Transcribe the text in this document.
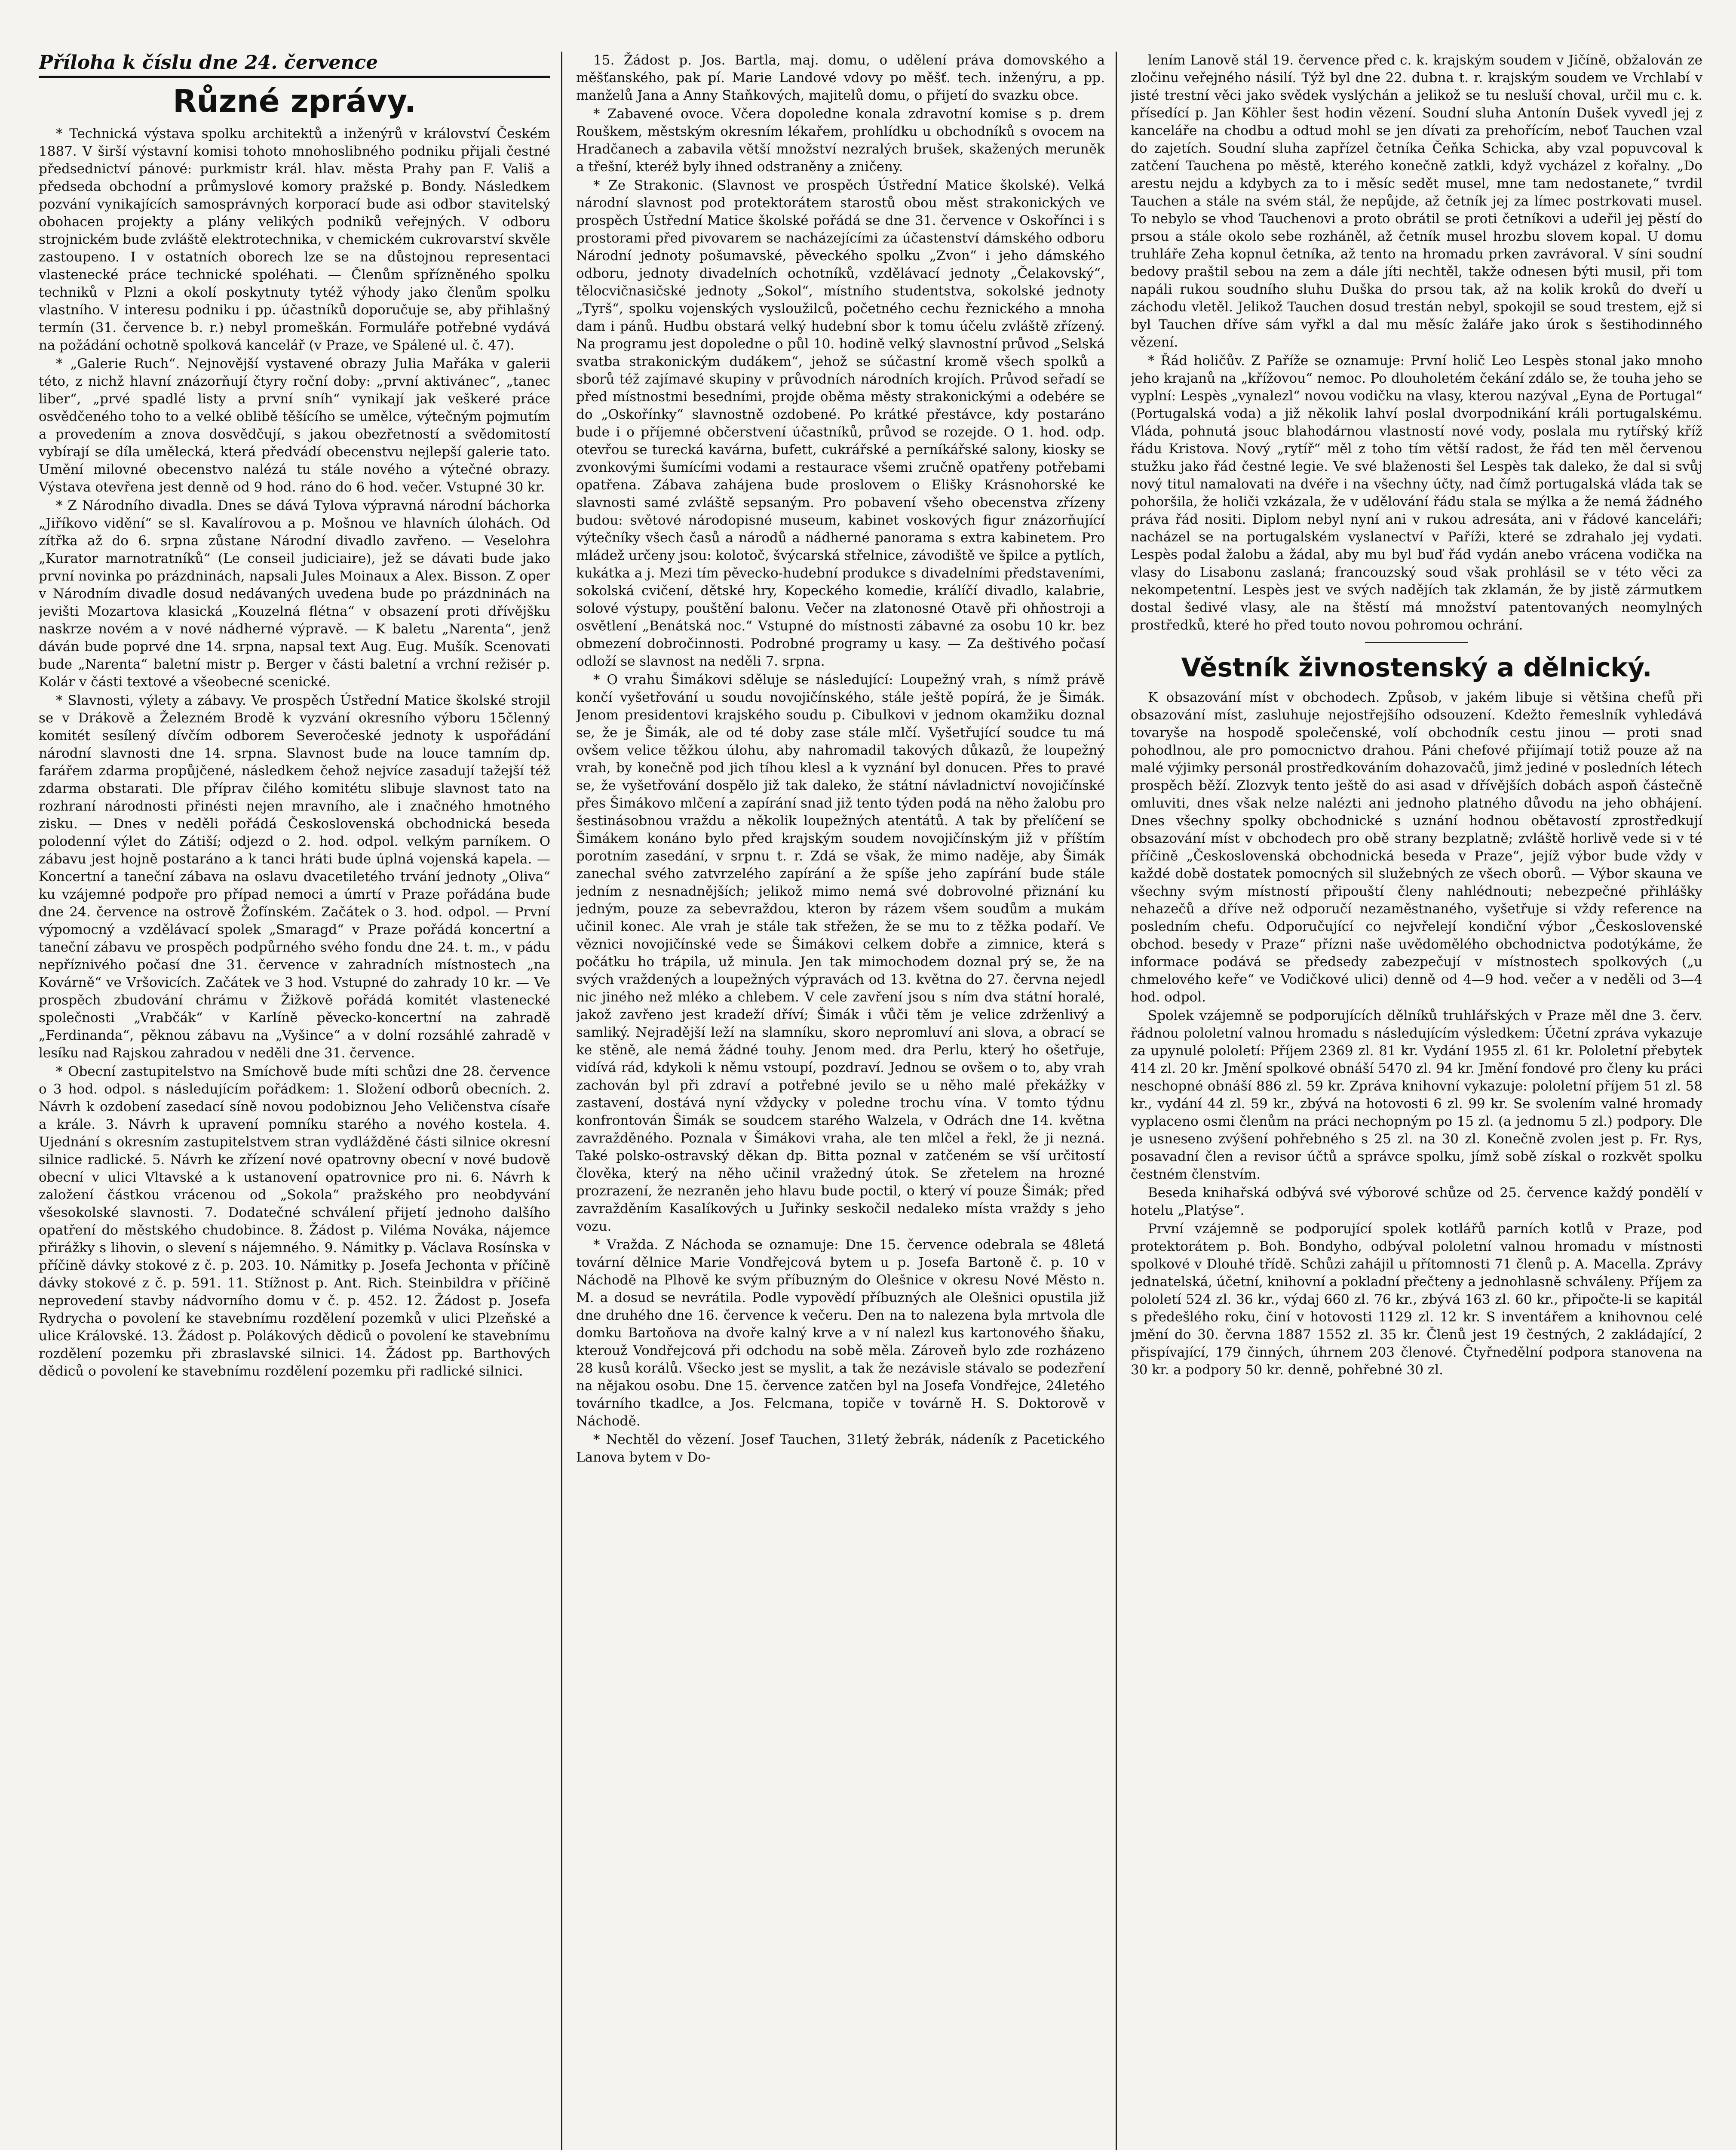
Příloha k číslu dne 24. července
Různé zprávy.

* Technická výstava spolku architektů a inženýrů v království Českém 1887. V širší výstavní komisi tohoto mnohoslibného podniku přijali čestné předsednictví pánové: purkmistr král. hlav. města Prahy pan F. Vališ a předseda obchodní a průmyslové komory pražské p. Bondy. Následkem pozvání vynikajících samosprávných korporací bude asi odbor stavitelský obohacen projekty a plány velikých podniků veřejných. V odboru strojnickém bude zvláště elektrotechnika, v chemickém cukrovarství skvěle zastoupeno. I v ostatních oborech lze se na důstojnou representaci vlastenecké práce technické spoléhati. — Členům spřízněného spolku techniků v Plzni a okolí poskytnuty tytéž výhody jako členům spolku vlastního. V interesu podniku i pp. účastníků doporučuje se, aby přihlašný termín (31. července b. r.) nebyl promeškán. Formuláře potřebné vydává na požádání ochotně spolková kancelář (v Praze, ve Spálené ul. č. 47).

* „Galerie Ruch“. Nejnovější vystavené obrazy Julia Mařáka v galerii této, z nichž hlavní znázorňují čtyry roční doby: „první aktivánec“, „tanec liber“, „prvé spadlé listy a první sníh“ vynikají jak veškeré práce osvědčeného toho to a velké oblibě těšícího se umělce, výtečným pojmutím a provedením a znova dosvědčují, s jakou obezřetností a svědomitostí vybírají se díla umělecká, která předvádí obecenstvu nejlepší galerie tato. Umění milovné obecenstvo nalézá tu stále nového a výtečné obrazy. Výstava otevřena jest denně od 9 hod. ráno do 6 hod. večer. Vstupné 30 kr.

* Z Národního divadla. Dnes se dává Tylova výpravná národní báchorka „Jiříkovo vidění“ se sl. Kavalírovou a p. Mošnou ve hlavních úlohách. Od zítřka až do 6. srpna zůstane Národní divadlo zavřeno. — Veselohra „Kurator marnotratníků“ (Le conseil judiciaire), jež se dávati bude jako první novinka po prázdninách, napsali Jules Moinaux a Alex. Bisson. Z oper v Národním divadle dosud nedávaných uvedena bude po prázdninách na jevišti Mozartova klasická „Kouzelná flétna“ v obsazení proti dřívějšku naskrze novém a v nové nádherné výpravě. — K baletu „Narenta“, jenž dáván bude poprvé dne 14. srpna, napsal text Aug. Eug. Mušík. Scenovati bude „Narenta“ baletní mistr p. Berger v části baletní a vrchní režisér p. Kolár v části textové a všeobecné scenické.

* Slavnosti, výlety a zábavy. Ve prospěch Ústřední Matice školské strojil se v Drákově a Železném Brodě k vyzvání okresního výboru 15členný komitét sesílený dívčím odborem Severočeské jednoty k uspořádání národní slavnosti dne 14. srpna. Slavnost bude na louce tamním dp. farářem zdarma propůjčené, následkem čehož nejvíce zasadují tažejší též zdarma obstarati. Dle příprav čilého komitétu slibuje slavnost tato na rozhraní národnosti přinésti nejen mravního, ale i značného hmotného zisku. — Dnes v neděli pořádá Československá obchodnická beseda polodenní výlet do Zátiší; odjezd o 2. hod. odpol. velkým parníkem. O zábavu jest hojně postaráno a k tanci hráti bude úplná vojenská kapela. — Koncertní a taneční zábava na oslavu dvacetiletého trvání jednoty „Oliva“ ku vzájemné podpoře pro případ nemoci a úmrtí v Praze pořádána bude dne 24. července na ostrově Žofínském. Začátek o 3. hod. odpol. — První výpomocný a vzdělávací spolek „Smaragd“ v Praze pořádá koncertní a taneční zábavu ve prospěch podpůrného svého fondu dne 24. t. m., v pádu nepříznivého počasí dne 31. července v zahradních místnostech „na Kovárně“ ve Vršovicích. Začátek ve 3 hod. Vstupné do zahrady 10 kr. — Ve prospěch zbudování chrámu v Žižkově pořádá komitét vlastenecké společnosti „Vrabčák“ v Karlíně pěvecko-koncertní na zahradě „Ferdinanda“, pěknou zábavu na „Vyšince“ a v dolní rozsáhlé zahradě v lesíku nad Rajskou zahradou v neděli dne 31. července.

* Obecní zastupitelstvo na Smíchově bude míti schůzi dne 28. července o 3 hod. odpol. s následujícím pořádkem: 1. Složení odborů obecních. 2. Návrh k ozdobení zasedací síně novou podobiznou Jeho Veličenstva císaře a krále. 3. Návrh k upravení pomníku starého a nového kostela. 4. Ujednání s okresním zastupitelstvem stran vydlážděné části silnice okresní silnice radlické. 5. Návrh ke zřízení nové opatrovny obecní v nové budově obecní v ulici Vltavské a k ustanovení opatrovnice pro ni. 6. Návrh k založení částkou vrácenou od „Sokola“ pražského pro neobdyvání všesokolské slavnosti. 7. Dodatečné schválení přijetí jednoho dalšího opatření do městského chudobince. 8. Žádost p. Viléma Nováka, nájemce přirážky s lihovin, o slevení s nájemného. 9. Námitky p. Václava Rosínska v příčině dávky stokové z č. p. 203. 10. Námitky p. Josefa Jechonta v příčině dávky stokové z č. p. 591. 11. Stížnost p. Ant. Rich. Steinbildra v příčině neprovedení stavby nádvorního domu v č. p. 452. 12. Žádost p. Josefa Rydrycha o povolení ke stavebnímu rozdělení pozemků v ulici Plzeňské a ulice Královské. 13. Žádost p. Polákových dědiců o povolení ke stavebnímu rozdělení pozemku při zbraslavské silnici. 14. Žádost pp. Barthových dědiců o povolení ke stavebnímu rozdělení pozemku při radlické silnici.

15. Žádost p. Jos. Bartla, maj. domu, o udělení práva domovského a měšťanského, pak pí. Marie Landové vdovy po měšť. tech. inženýru, a pp. manželů Jana a Anny Staňkových, majitelů domu, o přijetí do svazku obce.

* Zabavené ovoce. Včera dopoledne konala zdravotní komise s p. drem Rouškem, městským okresním lékařem, prohlídku u obchodníků s ovocem na Hradčanech a zabavila větší množství nezralých brušek, skažených meruněk a třešní, kteréž byly ihned odstraněny a zničeny.

* Ze Strakonic. (Slavnost ve prospěch Ústřední Matice školské). Velká národní slavnost pod protektorátem starostů obou měst strakonických ve prospěch Ústřední Matice školské pořádá se dne 31. července v Oskořínci i s prostorami před pivovarem se nacházejícími za účastenství dámského odboru Národní jednoty pošumavské, pěveckého spolku „Zvon“ i jeho dámského odboru, jednoty divadelních ochotníků, vzdělávací jednoty „Čelakovský“, tělocvičnasičské jednoty „Sokol“, místního studentstva, sokolské jednoty „Tyrš“, spolku vojenských vysloužilců, početného cechu řeznického a mnoha dam i pánů. Hudbu obstará velký hudební sbor k tomu účelu zvláště zřízený. Na programu jest dopoledne o půl 10. hodině velký slavnostní průvod „Selská svatba strakonickým dudákem“, jehož se súčastní kromě všech spolků a sborů též zajímavé skupiny v průvodních národních krojích. Průvod seřadí se před místnostmi besedními, projde oběma městy strakonickými a odebére se do „Oskořínky“ slavnostně ozdobené. Po krátké přestávce, kdy postaráno bude i o příjemné občerstvení účastníků, průvod se rozejde. O 1. hod. odp. otevřou se turecká kavárna, bufett, cukrářské a perníkářské salony, kiosky se zvonkovými šumícími vodami a restaurace všemi zručně opatřeny potřebami opatřena. Zábava zahájena bude proslovem o Elišky Krásnohorské ke slavnosti samé zvláště sepsaným. Pro pobavení všeho obecenstva zřízeny budou: světové národopisné museum, kabinet voskových figur znázorňující výtečníky všech časů a národů a nádherné panorama s extra kabinetem. Pro mládež určeny jsou: kolotoč, švýcarská střelnice, závodiště ve špilce a pytlích, kukátka a j. Mezi tím pěvecko-hudební produkce s divadelními představeními, sokolská cvičení, dětské hry, Kopeckého komedie, králíčí divadlo, kalabrie, solové výstupy, pouštění balonu. Večer na zlatonosné Otavě při ohňostroji a osvětlení „Benátská noc.“ Vstupné do místnosti zábavné za osobu 10 kr. bez obmezení dobročinnosti. Podrobné programy u kasy. — Za deštivého počasí odloží se slavnost na neděli 7. srpna.

* O vrahu Šimákovi sděluje se následující: Loupežný vrah, s nímž právě končí vyšetřování u soudu novojičínského, stále ještě popírá, že je Šimák. Jenom presidentovi krajského soudu p. Cibulkovi v jednom okamžiku doznal se, že je Šimák, ale od té doby zase stále mlčí. Vyšetřující soudce tu má ovšem velice těžkou úlohu, aby nahromadil takových důkazů, že loupežný vrah, by konečně pod jich tíhou klesl a k vyznání byl donucen. Přes to pravé se, že vyšetřování dospělo již tak daleko, že státní návladnictví novojičínské přes Šimákovo mlčení a zapírání snad již tento týden podá na něho žalobu pro šestinásobnou vraždu a několik loupežných atentátů. A tak by přelíčení se Šimákem konáno bylo před krajským soudem novojičínským již v příštím porotním zasedání, v srpnu t. r. Zdá se však, že mimo naděje, aby Šimák zanechal svého zatvrzelého zapírání a že spíše jeho zapírání bude stále jedním z nesnadnějších; jelikož mimo nemá své dobrovolné přiznání ku jedným, pouze za sebevraždou, kteron by rázem všem soudům a mukám učinil konec. Ale vrah je stále tak střežen, že se mu to z těžka podaří. Ve věznici novojičínské vede se Šimákovi celkem dobře a zimnice, která s počátku ho trápila, už minula. Jen tak mimochodem doznal prý se, že na svých vraždených a loupežných výpravách od 13. května do 27. června nejedl nic jiného než mléko a chlebem. V cele zavření jsou s ním dva státní horalé, jakož zavřeno jest kradeží dříví; Šimák i vůči těm je velice zdrženlivý a samliký. Nejradější leží na slamníku, skoro nepromluví ani slova, a obrací se ke stěně, ale nemá žádné touhy. Jenom med. dra Perlu, který ho ošetřuje, vidívá rád, kdykoli k němu vstoupí, pozdraví. Jednou se ovšem o to, aby vrah zachován byl při zdraví a potřebné jevilo se u něho malé překážky v zastavení, dostává nyní vždycky v poledne trochu vína. V tomto týdnu konfrontován Šimák se soudcem starého Walzela, v Odrách dne 14. května zavražděného. Poznala v Šimákovi vraha, ale ten mlčel a řekl, že ji nezná. Také polsko-ostravský děkan dp. Bitta poznal v zatčeném se vší určitostí člověka, který na něho učinil vražedný útok. Se zřetelem na hrozné prozrazení, že nezraněn jeho hlavu bude poctil, o který ví pouze Šimák; před zavražděním Kasalíkových u Juřinky seskočil nedaleko místa vraždy s jeho vozu.

* Vražda. Z Náchoda se oznamuje: Dne 15. července odebrala se 48letá tovární dělnice Marie Vondřejcová bytem u p. Josefa Bartoně č. p. 10 v Náchodě na Plhově ke svým příbuzným do Olešnice v okresu Nové Město n. M. a dosud se nevrátila. Podle vypovědí příbuzných ale Olešnici opustila již dne druhého dne 16. července k večeru. Den na to nalezena byla mrtvola dle domku Bartoňova na dvoře kalný krve a v ní nalezl kus kartonového šňaku, kterouž Vondřejcová při odchodu na sobě měla. Zároveň bylo zde rozházeno 28 kusů korálů. Všecko jest se myslit, a tak že nezávisle stávalo se podezření na nějakou osobu. Dne 15. července zatčen byl na Josefa Vondřejce, 24letého továrního tkadlce, a Jos. Felcmana, topiče v továrně H. S. Doktorově v Náchodě.

* Nechtěl do vězení. Josef Tauchen, 31letý žebrák, nádeník z Pacetického Lanova bytem v Do-

lením Lanově stál 19. července před c. k. krajským soudem v Jičíně, obžalován ze zločinu veřejného násilí. Týž byl dne 22. dubna t. r. krajským soudem ve Vrchlabí v jisté trestní věci jako svědek vyslýchán a jelikož se tu nesluší choval, určil mu c. k. přísedící p. Jan Köhler šest hodin vězení. Soudní sluha Antonín Dušek vyvedl jej z kanceláře na chodbu a odtud mohl se jen dívati za prehořícím, neboť Tauchen vzal do zajetích. Soudní sluha zapřízel četníka Čeňka Schicka, aby vzal popuvcoval k zatčení Tauchena po městě, kterého konečně zatkli, když vycházel z kořalny. „Do arestu nejdu a kdybych za to i měsíc sedět musel, mne tam nedostanete,“ tvrdil Tauchen a stále na svém stál, že nepůjde, až četník jej za límec postrkovati musel. To nebylo se vhod Tauchenovi a proto obrátil se proti četníkovi a udeřil jej pěstí do prsou a stále okolo sebe rozháněl, až četník musel hrozbu slovem kopal. U domu truhláře Zeha kopnul četníka, až tento na hromadu prken zavrávoral. V síni soudní bedovy praštil sebou na zem a dále jíti nechtěl, takže odnesen býti musil, při tom napáli rukou soudního sluhu Duška do prsou tak, až na kolik kroků do dveří u záchodu vletěl. Jelikož Tauchen dosud trestán nebyl, spokojil se soud trestem, ejž si byl Tauchen dříve sám vyřkl a dal mu měsíc žaláře jako úrok s šestihodinného vězení.

* Řád holičův. Z Paříže se oznamuje: První holič Leo Lespès stonal jako mnoho jeho krajanů na „křížovou“ nemoc. Po dlouholetém čekání zdálo se, že touha jeho se vyplní: Lespès „vynalezl“ novou vodičku na vlasy, kterou nazýval „Eyna de Portugal“ (Portugalská voda) a již několik lahví poslal dvorpodnikání králi portugalskému. Vláda, pohnutá jsouc blahodárnou vlastností nové vody, poslala mu rytířský kříž řádu Kristova. Nový „rytíř“ měl z toho tím větší radost, že řád ten měl červenou stužku jako řád čestné legie. Ve své blaženosti šel Lespès tak daleko, že dal si svůj nový titul namalovati na dvéře i na všechny účty, nad čímž portugalská vláda tak se pohoršila, že holiči vzkázala, že v udělování řádu stala se mýlka a že nemá žádného práva řád nositi. Diplom nebyl nyní ani v rukou adresáta, ani v řádové kanceláři; nacházel se na portugalském vyslanectví v Paříži, které se zdrahalo jej vydati. Lespès podal žalobu a žádal, aby mu byl buď řád vydán anebo vrácena vodička na vlasy do Lisabonu zaslaná; francouzský soud však prohlásil se v této věci za nekompetentní. Lespès jest ve svých nadějích tak zklamán, že by jistě zármutkem dostal šedivé vlasy, ale na štěstí má množství patentovaných neomylných prostředků, které ho před touto novou pohromou ochrání.

Věstník živnostenský a dělnický.

K obsazování míst v obchodech. Způsob, v jakém libuje si většina chefů při obsazování míst, zasluhuje nejostřejšího odsouzení. Kdežto řemeslník vyhledává tovaryše na hospodě společenské, volí obchodník cestu jinou — proti snad pohodlnou, ale pro pomocnictvo drahou. Páni chefové přijímají totiž pouze až na malé výjimky personál prostředkováním dohazovačů, jimž jediné v posledních létech prospěch běží. Zlozvyk tento ještě do asi asad v dřívějších dobách aspoň částečně omluviti, dnes však nelze nalézti ani jednoho platného důvodu na jeho obhájení. Dnes všechny spolky obchodnické s uznání hodnou obětavostí zprostředkují obsazování míst v obchodech pro obě strany bezplatně; zvláště horlivě vede si v té příčině „Československá obchodnická beseda v Praze“, jejíž výbor bude vždy v každé době dostatek pomocných sil služebných ze všech oborů. — Výbor skauna ve všechny svým místností připouští členy nahlédnouti; nebezpečné přihlášky nehazečů a dříve než odporučí nezaměstnaného, vyšetřuje si vždy reference na posledním chefu. Odporučující co nejvřelejí kondiční výbor „Československé obchod. besedy v Praze“ přízni naše uvědomělého obchodnictva podotýkáme, že informace podává se předsedy zabezpečují v místnostech spolkových („u chmelového keře“ ve Vodičkové ulici) denně od 4—9 hod. večer a v neděli od 3—4 hod. odpol.

Spolek vzájemně se podporujících dělníků truhlářských v Praze měl dne 3. červ. řádnou pololetní valnou hromadu s následujícím výsledkem: Účetní zpráva vykazuje za upynulé pololetí: Příjem 2369 zl. 81 kr. Vydání 1955 zl. 61 kr. Pololetní přebytek 414 zl. 20 kr. Jmění spolkové obnáší 5470 zl. 94 kr. Jmění fondové pro členy ku práci neschopné obnáší 886 zl. 59 kr. Zpráva knihovní vykazuje: pololetní příjem 51 zl. 58 kr., vydání 44 zl. 59 kr., zbývá na hotovosti 6 zl. 99 kr. Se svolením valné hromady vyplaceno osmi členům na práci nechopným po 15 zl. (a jednomu 5 zl.) podpory. Dle je usneseno zvýšení pohřebného s 25 zl. na 30 zl. Konečně zvolen jest p. Fr. Rys, posavadní člen a revisor účtů a správce spolku, jímž sobě získal o rozkvět spolku čestném členstvím.

Beseda knihařská odbývá své výborové schůze od 25. července každý pondělí v hotelu „Platýse“.

První vzájemně se podporující spolek kotlářů parních kotlů v Praze, pod protektorátem p. Boh. Bondyho, odbýval pololetní valnou hromadu v místnosti spolkové v Dlouhé třídě. Schůzi zahájil u přítomnosti 71 členů p. A. Macella. Zprávy jednatelská, účetní, knihovní a pokladní přečteny a jednohlasně schváleny. Příjem za pololetí 524 zl. 36 kr., výdaj 660 zl. 76 kr., zbývá 163 zl. 60 kr., připočte-li se kapitál s předešlého roku, činí v hotovosti 1129 zl. 12 kr. S inventářem a knihovnou celé jmění do 30. června 1887 1552 zl. 35 kr. Členů jest 19 čestných, 2 zakládající, 2 přispívající, 179 činných, úhrnem 203 členové. Čtyřnedělní podpora stanovena na 30 kr. a podpory 50 kr. denně, pohřebné 30 zl.
